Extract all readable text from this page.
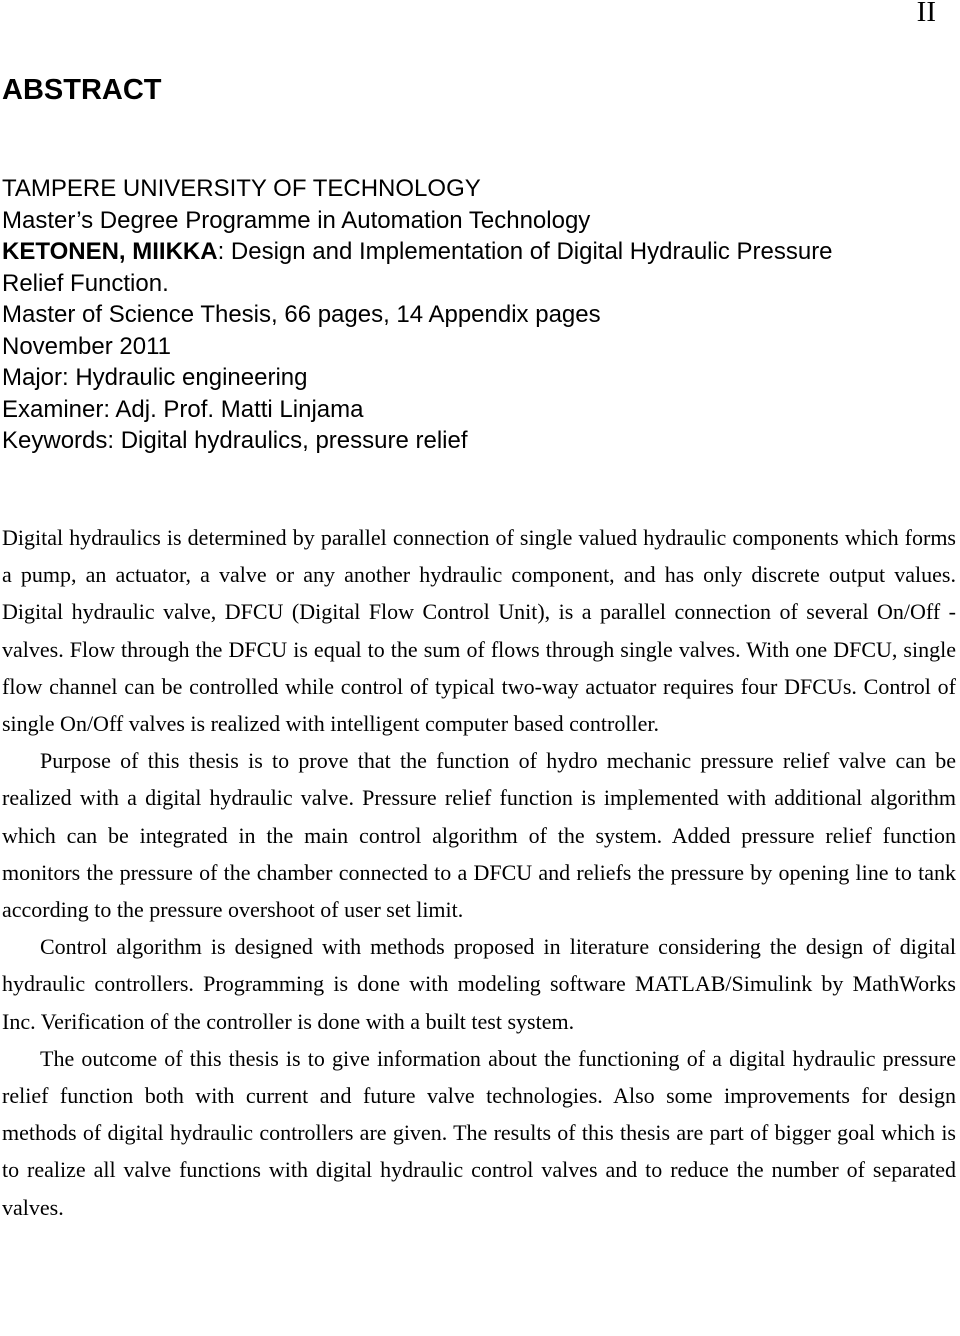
II
ABSTRACT
TAMPERE UNIVERSITY OF TECHNOLOGY
Master’s Degree Programme in Automation Technology
KETONEN, MIIKKA: Design and Implementation of Digital Hydraulic Pressure
Relief Function.
Master of Science Thesis, 66 pages, 14 Appendix pages
November 2011
Major: Hydraulic engineering
Examiner: Adj. Prof. Matti Linjama
Keywords: Digital hydraulics, pressure relief

Digital hydraulics is determined by parallel connection of single valued hydraulic components which forms a pump, an actuator, a valve or any another hydraulic component, and has only discrete output values. Digital hydraulic valve, DFCU (Digital Flow Control Unit), is a parallel connection of several On/Off -valves. Flow through the DFCU is equal to the sum of flows through single valves. With one DFCU, single flow channel can be controlled while control of typical two-way actuator requires four DFCUs. Control of single On/Off valves is realized with intelligent computer based controller.

Purpose of this thesis is to prove that the function of hydro mechanic pressure relief valve can be realized with a digital hydraulic valve. Pressure relief function is implemented with additional algorithm which can be integrated in the main control algorithm of the system. Added pressure relief function monitors the pressure of the chamber connected to a DFCU and reliefs the pressure by opening line to tank according to the pressure overshoot of user set limit.

Control algorithm is designed with methods proposed in literature considering the design of digital hydraulic controllers. Programming is done with modeling software MATLAB/Simulink by MathWorks Inc. Verification of the controller is done with a built test system.

The outcome of this thesis is to give information about the functioning of a digital hydraulic pressure relief function both with current and future valve technologies. Also some improvements for design methods of digital hydraulic controllers are given. The results of this thesis are part of bigger goal which is to realize all valve functions with digital hydraulic control valves and to reduce the number of separated valves.
